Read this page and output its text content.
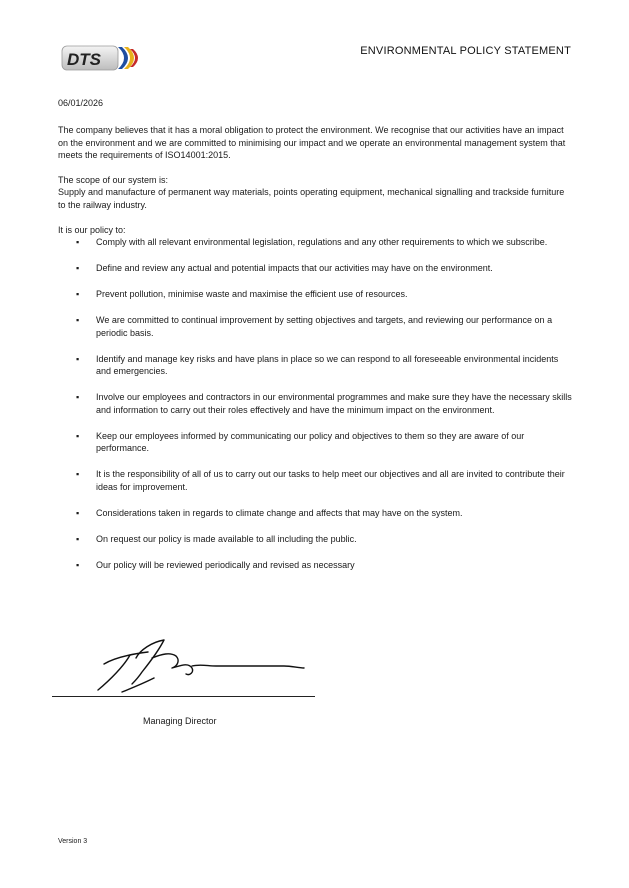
DTS	ENVIRONMENTAL POLICY STATEMENT
06/01/2026

The company believes that it has a moral obligation to protect the environment. We recognise that our activities have an impact on the environment and we are committed to minimising our impact and we operate an environmental management system that meets the requirements of ISO14001:2015.

The scope of our system is:

Supply and manufacture of permanent way materials, points operating equipment, mechanical signalling and trackside furniture to the railway industry.

It is our policy to:

▪ Comply with all relevant environmental legislation, regulations and any other requirements to which we subscribe.
▪ Define and review any actual and potential impacts that our activities may have on the environment.
▪ Prevent pollution, minimise waste and maximise the efficient use of resources.
▪ We are committed to continual improvement by setting objectives and targets, and reviewing our performance on a periodic basis.
▪ Identify and manage key risks and have plans in place so we can respond to all foreseeable environmental incidents and emergencies.
▪ Involve our employees and contractors in our environmental programmes and make sure they have the necessary skills and information to carry out their roles effectively and have the minimum impact on the environment.
▪ Keep our employees informed by communicating our policy and objectives to them so they are aware of our performance.
▪ It is the responsibility of all of us to carry out our tasks to help meet our objectives and all are invited to contribute their ideas for improvement.
▪ Considerations taken in regards to climate change and affects that may have on the system.
▪ On request our policy is made available to all including the public.
▪ Our policy will be reviewed periodically and revised as necessary
Managing Director
Version 3
